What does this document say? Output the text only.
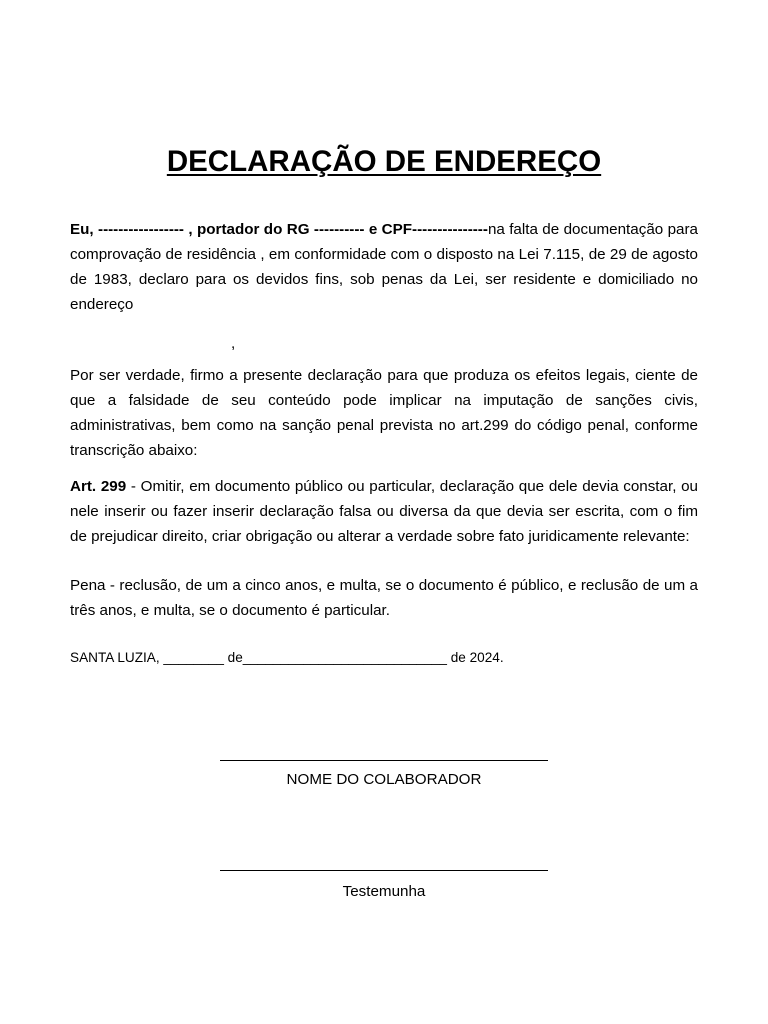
DECLARAÇÃO DE ENDEREÇO
Eu, ----------------- , portador do RG ---------- e CPF---------------na falta de documentação para comprovação de residência , em conformidade com o disposto na Lei 7.115, de 29 de agosto de 1983, declaro para os devidos fins, sob penas da Lei, ser residente e domiciliado no endereço
,
Por ser verdade, firmo a presente declaração para que produza os efeitos legais, ciente de que a falsidade de seu conteúdo pode implicar na imputação de sanções civis, administrativas, bem como na sanção penal prevista no art.299 do código penal, conforme transcrição abaixo:
Art. 299 - Omitir, em documento público ou particular, declaração que dele devia constar, ou nele inserir ou fazer inserir declaração falsa ou diversa da que devia ser escrita, com o fim de prejudicar direito, criar obrigação ou alterar a verdade sobre fato juridicamente relevante:
Pena - reclusão, de um a cinco anos, e multa, se o documento é público, e reclusão de um a três anos, e multa, se o documento é particular.
SANTA LUZIA, ________ de___________________________ de 2024.
NOME DO COLABORADOR
Testemunha
